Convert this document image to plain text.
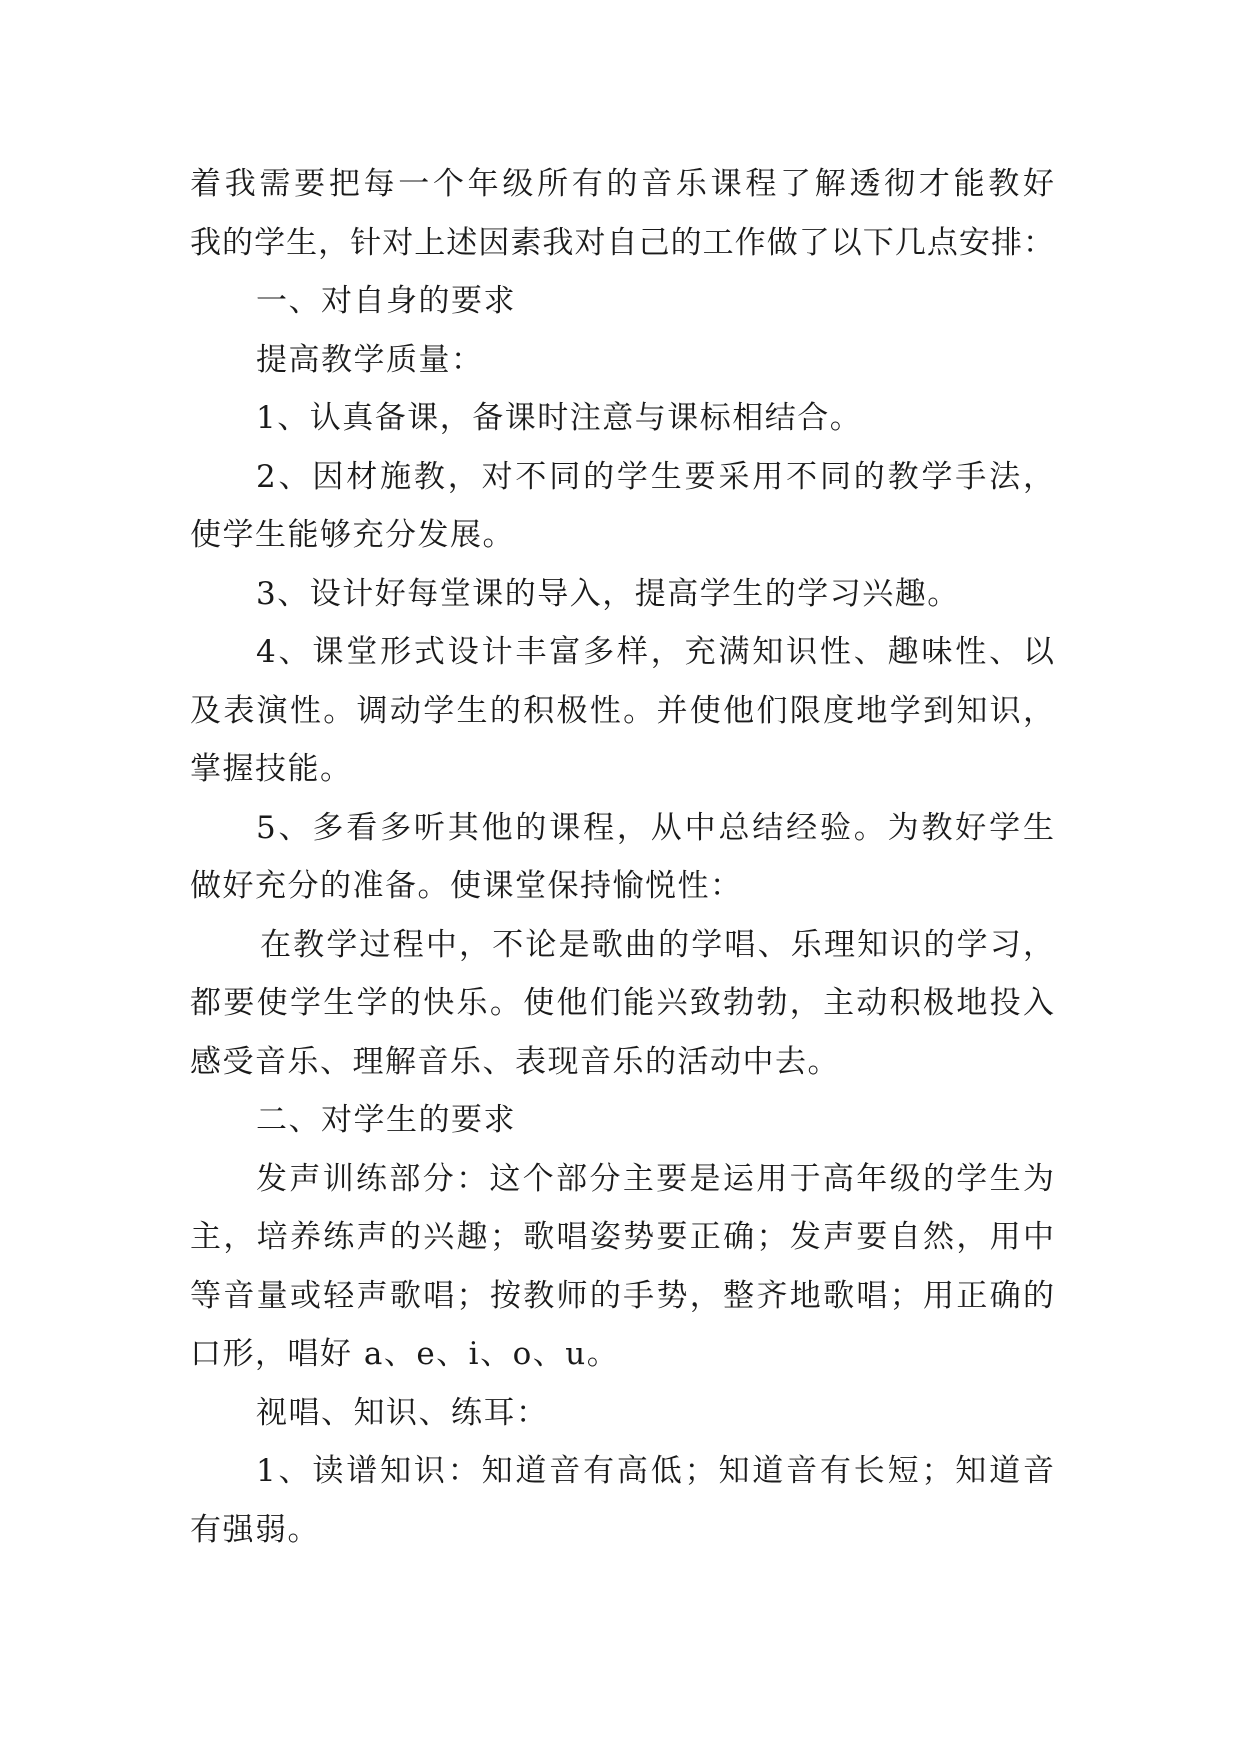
着我需要把每一个年级所有的音乐课程了解透彻才能教好
我的学生，针对上述因素我对自己的工作做了以下几点安排：
一、对自身的要求
提高教学质量：
1、认真备课，备课时注意与课标相结合。
2、因材施教，对不同的学生要采用不同的教学手法，
使学生能够充分发展。
3、设计好每堂课的导入，提高学生的学习兴趣。
4、课堂形式设计丰富多样，充满知识性、趣味性、以
及表演性。调动学生的积极性。并使他们限度地学到知识，
掌握技能。
5、多看多听其他的课程，从中总结经验。为教好学生
做好充分的准备。使课堂保持愉悦性：
在教学过程中，不论是歌曲的学唱、乐理知识的学习，
都要使学生学的快乐。使他们能兴致勃勃，主动积极地投入
感受音乐、理解音乐、表现音乐的活动中去。
二、对学生的要求
发声训练部分：这个部分主要是运用于高年级的学生为
主，培养练声的兴趣；歌唱姿势要正确；发声要自然，用中
等音量或轻声歌唱；按教师的手势，整齐地歌唱；用正确的
口形，唱好 a、e、i、o、u。
视唱、知识、练耳：
1、读谱知识：知道音有高低；知道音有长短；知道音
有强弱。
